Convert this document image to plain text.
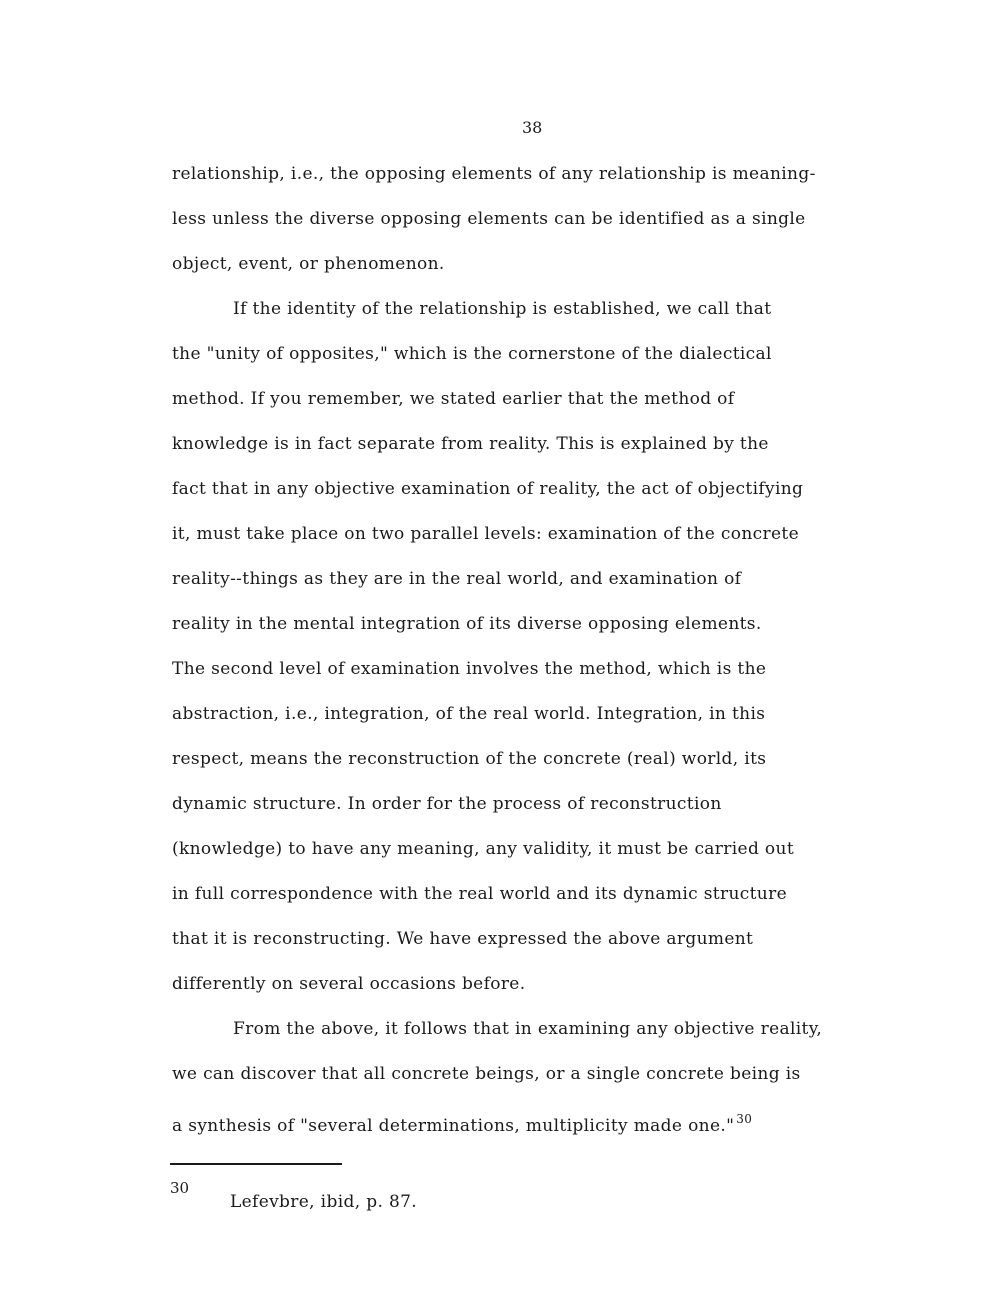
38
relationship, i.e., the opposing elements of any relationship is meaning-
less unless the diverse opposing elements can be identified as a single
object, event, or phenomenon.
If the identity of the relationship is established, we call that
the "unity of opposites," which is the cornerstone of the dialectical
method. If you remember, we stated earlier that the method of
knowledge is in fact separate from reality. This is explained by the
fact that in any objective examination of reality, the act of objectifying
it, must take place on two parallel levels: examination of the concrete
reality--things as they are in the real world, and examination of
reality in the mental integration of its diverse opposing elements.
The second level of examination involves the method, which is the
abstraction, i.e., integration, of the real world. Integration, in this
respect, means the reconstruction of the concrete (real) world, its
dynamic structure. In order for the process of reconstruction
(knowledge) to have any meaning, any validity, it must be carried out
in full correspondence with the real world and its dynamic structure
that it is reconstructing. We have expressed the above argument
differently on several occasions before.
From the above, it follows that in examining any objective reality,
we can discover that all concrete beings, or a single concrete being is
a synthesis of "several determinations, multiplicity made one." $^{30}$
30
Lefevbre, ibid, p. 87.
